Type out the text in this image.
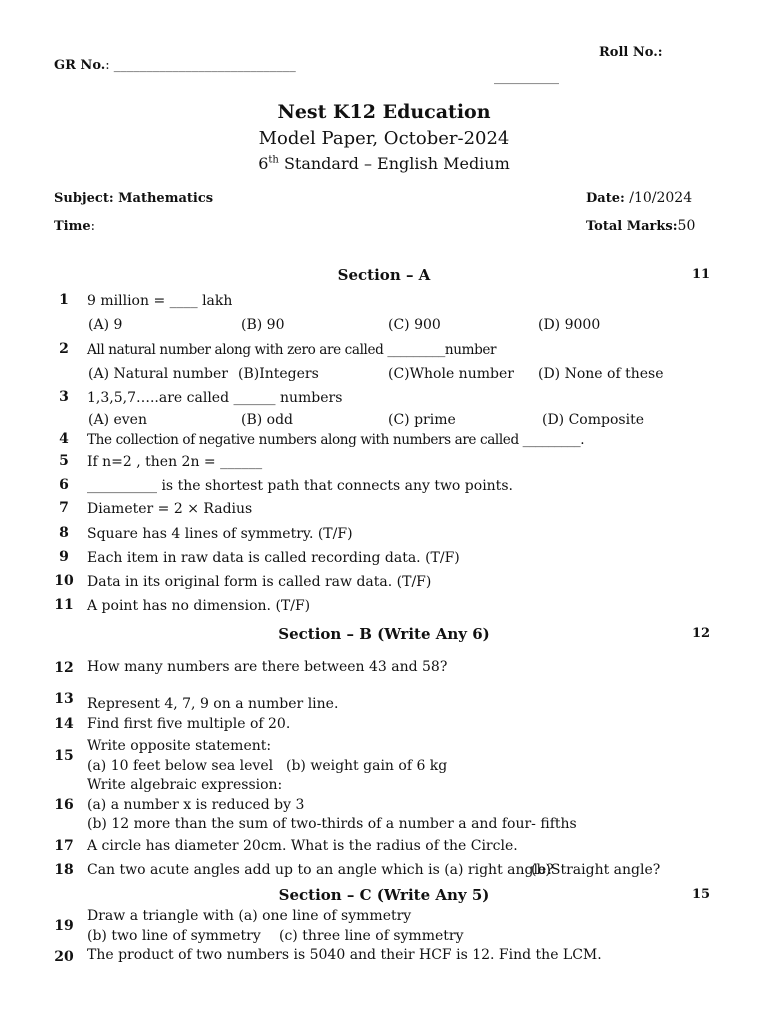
GR No.: ____________________________
Roll No.:
__________
Nest K12 Education
Model Paper, October-2024
6th Standard – English Medium
Subject: Mathematics	Date: /10/2024
Time:	Total Marks:50
Section – A	11
1	9 million = ____ lakh
(A) 9	(B) 90	(C) 900	(D) 9000
2	All natural number along with zero are called _________number
(A) Natural number (B)Integers	(C)Whole number (D) None of these
3	1,3,5,7…..are called ______ numbers
(A) even	(B) odd	(C) prime	(D) Composite
4	The collection of negative numbers along with numbers are called _________.
5	If n=2 , then 2n = ______
6	__________ is the shortest path that connects any two points.
7	Diameter = 2 × Radius
8	Square has 4 lines of symmetry. (T/F)
9	Each item in raw data is called recording data. (T/F)
10 Data in its original form is called raw data. (T/F)
11 A point has no dimension. (T/F)
Section – B (Write Any 6)	12
12 How many numbers are there between 43 and 58?
13 Represent 4, 7, 9 on a number line.
14 Find first five multiple of 20.
15
Write opposite statement:
(a) 10 feet below sea level (b) weight gain of 6 kg
16
Write algebraic expression:
(a) a number x is reduced by 3
(b) 12 more than the sum of two-thirds of a number a and four- fifths
17 A circle has diameter 20cm. What is the radius of the Circle.
18 Can two acute angles add up to an angle which is (a) right angle?
(b)Straight angle?
Section – C (Write Any 5)	15
19
Draw a triangle with (a) one line of symmetry
(b) two line of symmetry (c) three line of symmetry
20 The product of two numbers is 5040 and their HCF is 12. Find the LCM.
